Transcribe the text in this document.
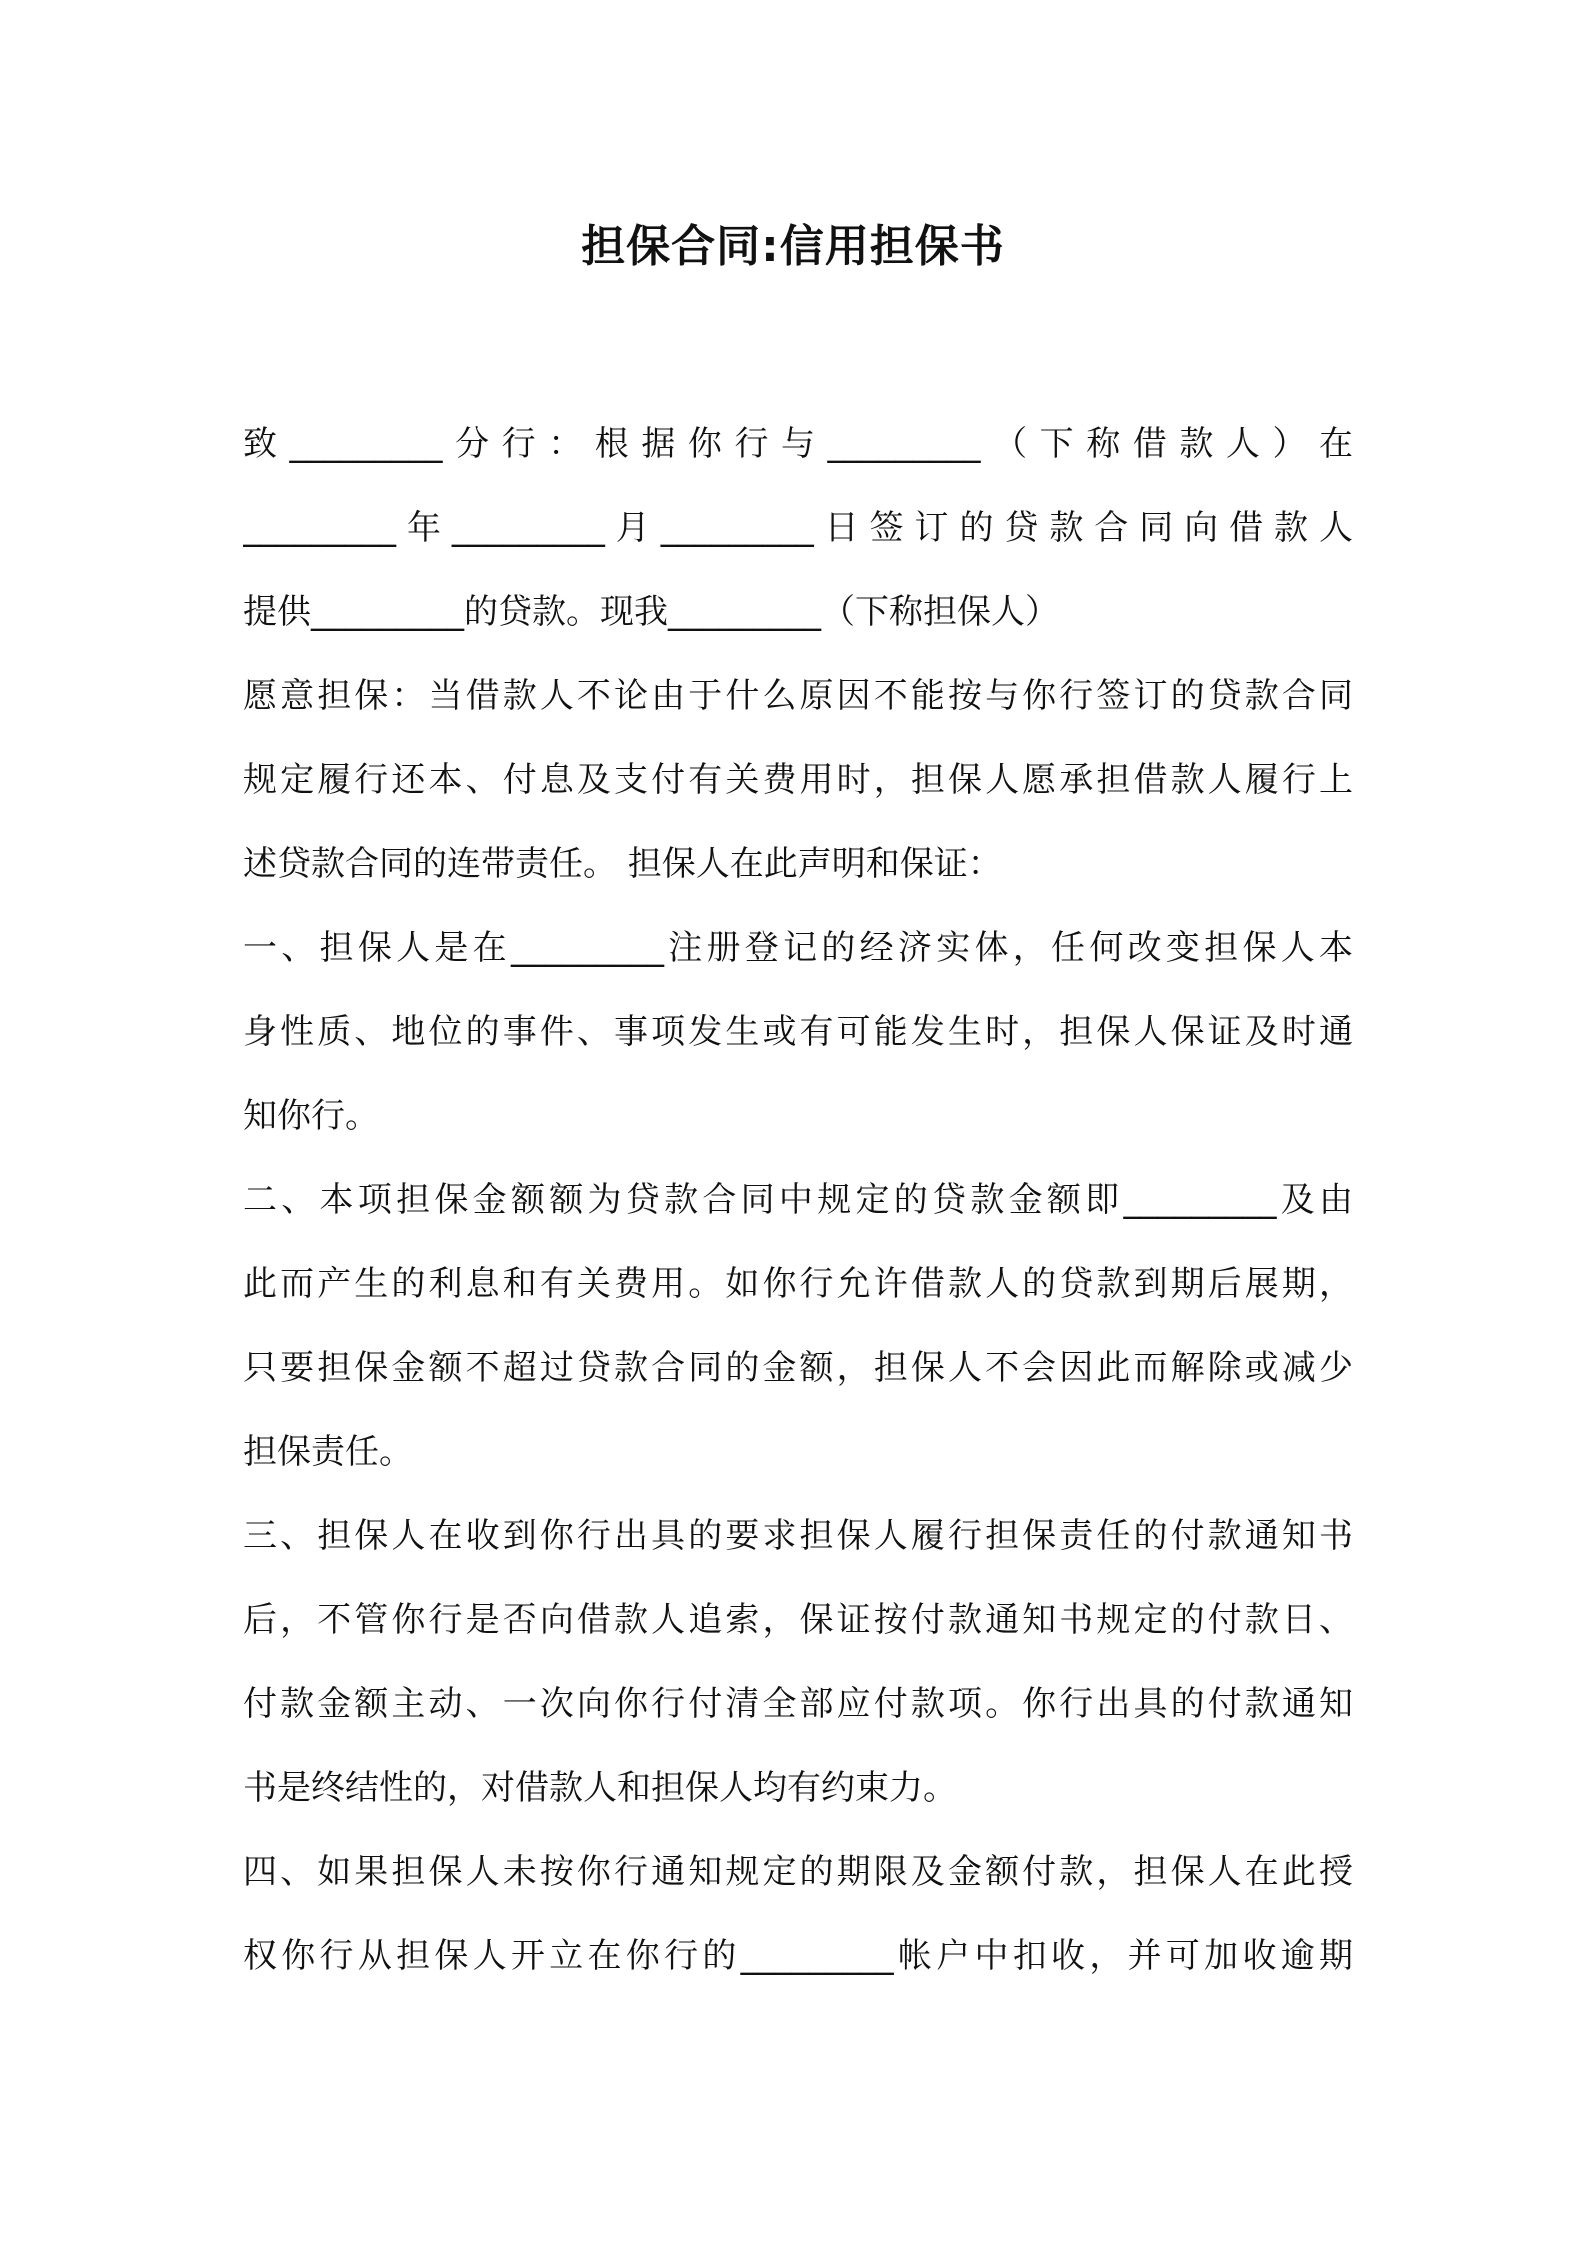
担保合同:信用担保书
致_________分行：根据你行与_________（下称借款人）在
_________年_________月_________日签订的贷款合同向借款人
提供_________的贷款。现我_________（下称担保人）
愿意担保：当借款人不论由于什么原因不能按与你行签订的贷款合同
规定履行还本、付息及支付有关费用时，担保人愿承担借款人履行上
述贷款合同的连带责任。 担保人在此声明和保证：
一、担保人是在_________注册登记的经济实体，任何改变担保人本
身性质、地位的事件、事项发生或有可能发生时，担保人保证及时通
知你行。
二、本项担保金额额为贷款合同中规定的贷款金额即_________及由
此而产生的利息和有关费用。如你行允许借款人的贷款到期后展期，
只要担保金额不超过贷款合同的金额，担保人不会因此而解除或减少
担保责任。
三、担保人在收到你行出具的要求担保人履行担保责任的付款通知书
后，不管你行是否向借款人追索，保证按付款通知书规定的付款日、
付款金额主动、一次向你行付清全部应付款项。你行出具的付款通知
书是终结性的，对借款人和担保人均有约束力。
四、如果担保人未按你行通知规定的期限及金额付款，担保人在此授
权你行从担保人开立在你行的_________帐户中扣收，并可加收逾期
